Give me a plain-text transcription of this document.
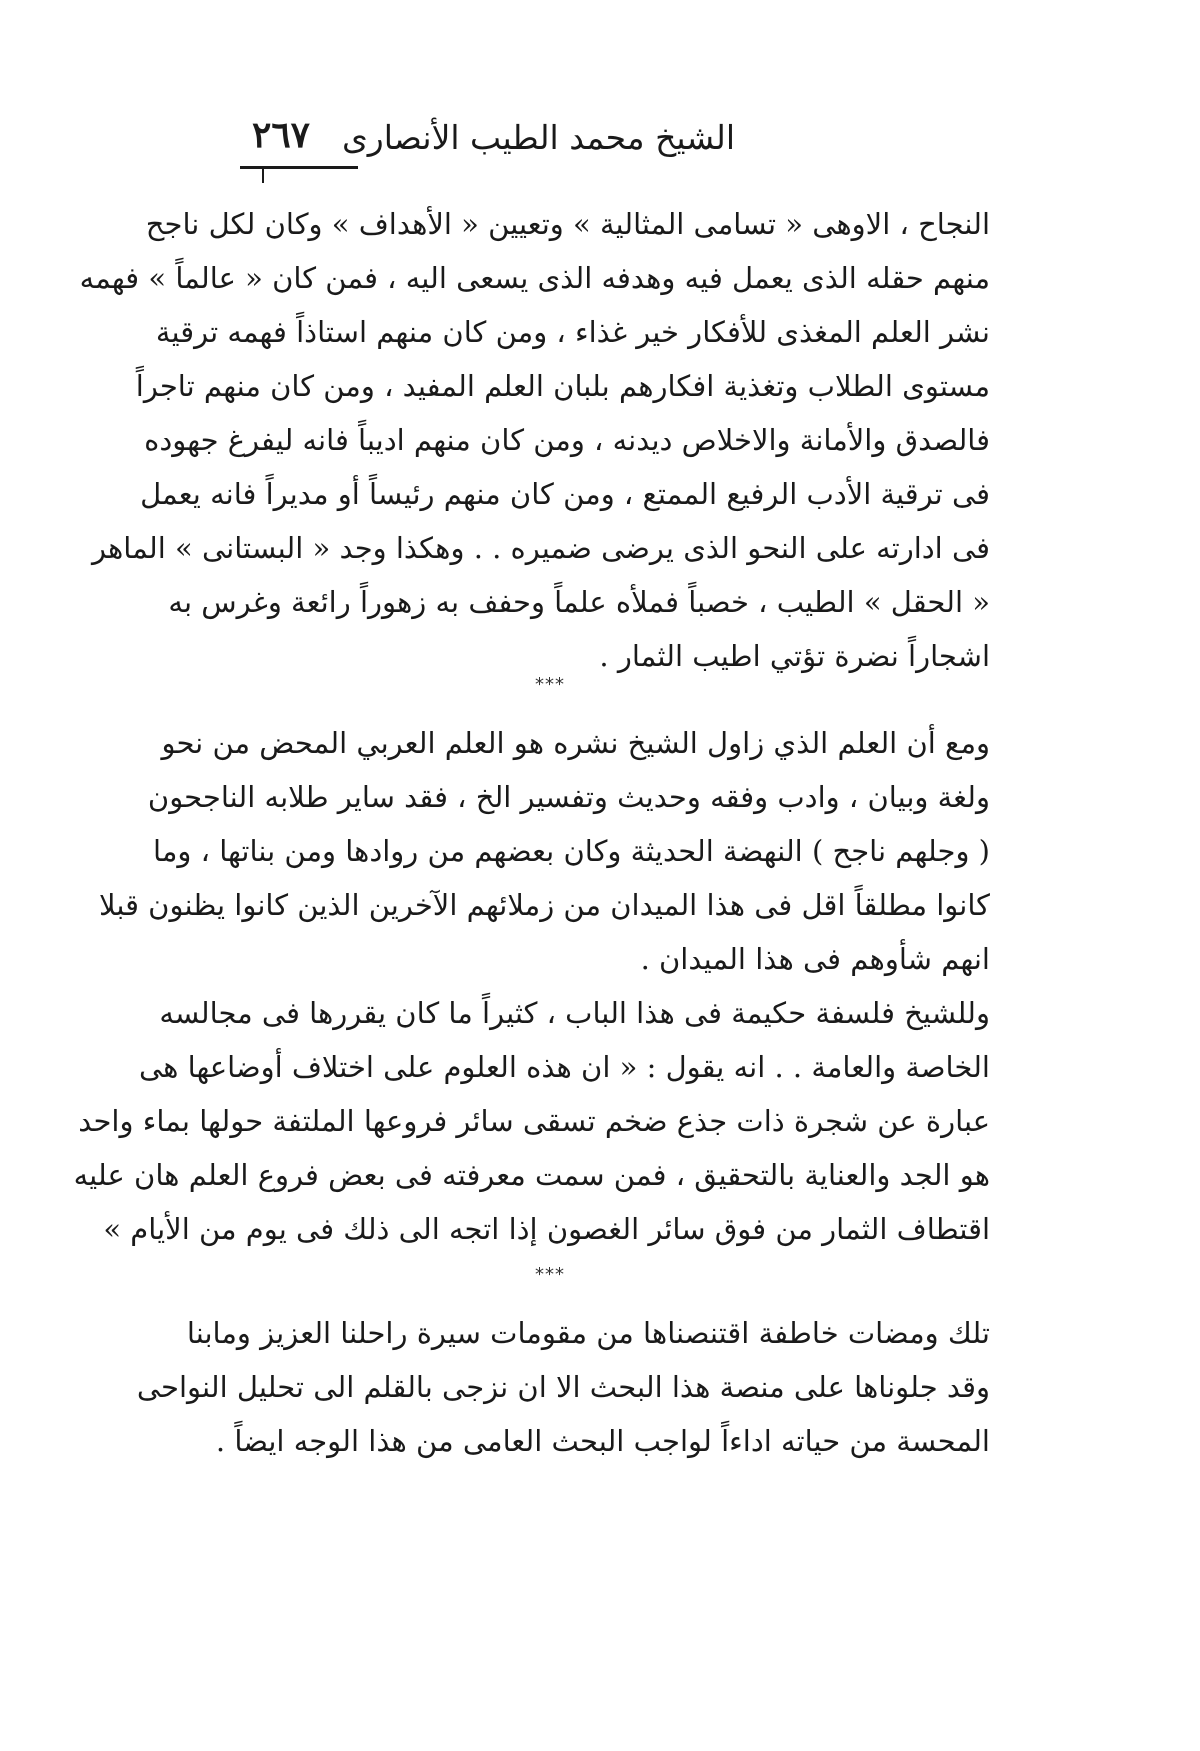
الشيخ محمد الطيب الأنصارى
٢٦٧

النجاح ، الاوهى « تسامى المثالية » وتعيين « الأهداف » وكان لكل ناجح
منهم حقله الذى يعمل فيه وهدفه الذى يسعى اليه ، فمن كان « عالماً » فهمه
نشر العلم المغذى للأفكار خير غذاء ، ومن كان منهم استاذاً فهمه ترقية
مستوى الطلاب وتغذية افكارهم بلبان العلم المفيد ، ومن كان منهم تاجراً
فالصدق والأمانة والاخلاص ديدنه ، ومن كان منهم اديباً فانه ليفرغ جهوده
فى ترقية الأدب الرفيع الممتع ، ومن كان منهم رئيساً أو مديراً فانه يعمل
فى ادارته على النحو الذى يرضى ضميره . . وهكذا وجد « البستانى » الماهر
« الحقل » الطيب ، خصباً فملأه علماً وحفف به زهوراً رائعة وغرس به
اشجاراً نضرة تؤتي اطيب الثمار .

***

ومع أن العلم الذي زاول الشيخ نشره هو العلم العربي المحض من نحو
ولغة وبيان ، وادب وفقه وحديث وتفسير الخ ، فقد ساير طلابه الناجحون
( وجلهم ناجح ) النهضة الحديثة وكان بعضهم من روادها ومن بناتها ، وما
كانوا مطلقاً اقل فى هذا الميدان من زملائهم الآخرين الذين كانوا يظنون قبلا
انهم شأوهم فى هذا الميدان .

وللشيخ فلسفة حكيمة فى هذا الباب ، كثيراً ما كان يقررها فى مجالسه
الخاصة والعامة . . انه يقول : « ان هذه العلوم على اختلاف أوضاعها هى
عبارة عن شجرة ذات جذع ضخم تسقى سائر فروعها الملتفة حولها بماء واحد
هو الجد والعناية بالتحقيق ، فمن سمت معرفته فى بعض فروع العلم هان عليه
اقتطاف الثمار من فوق سائر الغصون إذا اتجه الى ذلك فى يوم من الأيام »

***

تلك ومضات خاطفة اقتنصناها من مقومات سيرة راحلنا العزيز ومابنا
وقد جلوناها على منصة هذا البحث الا ان نزجى بالقلم الى تحليل النواحى
المحسة من حياته اداءاً لواجب البحث العامى من هذا الوجه ايضاً .
